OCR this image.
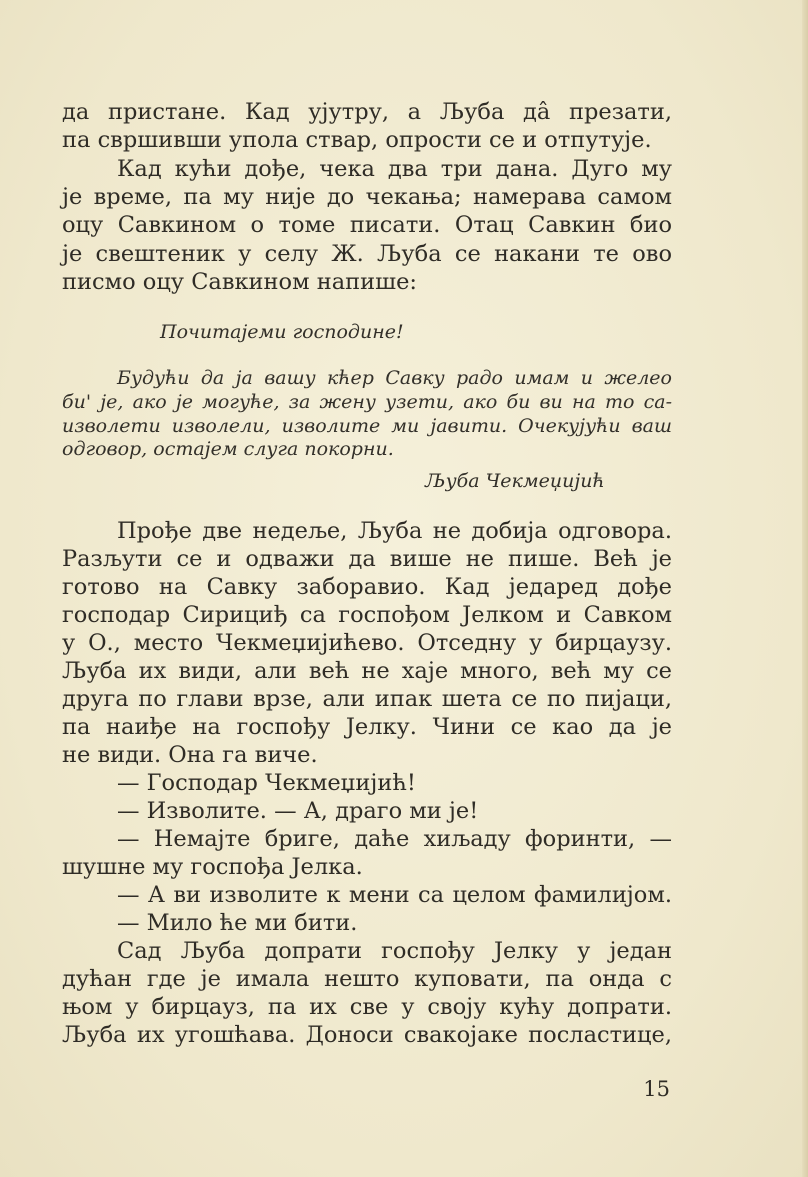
да пристане. Кад ујутру, а Љуба дâ презати,
па свршивши упола ствар, опрости се и отпутује.
Кад кући дође, чека два три дана. Дуго му
је време, па му није до чекања; намерава самом
оцу Савкином о томе писати. Отац Савкин био
је свештеник у селу Ж. Љуба се накани те ово
писмо оцу Савкином напише:
Почитајеми господине!
Будући да ја вашу кћер Савку радо имам и желео
би' је, ако је могуће, за жену узети, ако би ви на то са-
изволети изволели, изволите ми јавити. Очекујући ваш
одговор, остајем слуга покорни.
Љуба Чекмеџијић
Прође две недеље, Љуба не добија одговора.
Разљути се и одважи да више не пише. Већ је
готово на Савку заборавио. Кад једаред дође
господар Сирициђ са госпођом Јелком и Савком
у О., место Чекмеџијићево. Отседну у бирцаузу.
Љуба их види, али већ не хаје много, већ му се
друга по глави врзе, али ипак шета се по пијаци,
па наиђе на госпођу Јелку. Чини се као да је
не види. Она га виче.
— Господар Чекмеџијић!
— Изволите. — А, драго ми је!
— Немајте бриге, даће хиљаду форинти, —
шушне му госпођа Јелка.
— А ви изволите к мени са целом фамилијом.
— Мило ће ми бити.
Сад Љуба допрати госпођу Јелку у један
дућан где је имала нешто куповати, па онда с
њом у бирцауз, па их све у своју кућу допрати.
Љуба их угошћава. Доноси свакојаке посластице,
15
